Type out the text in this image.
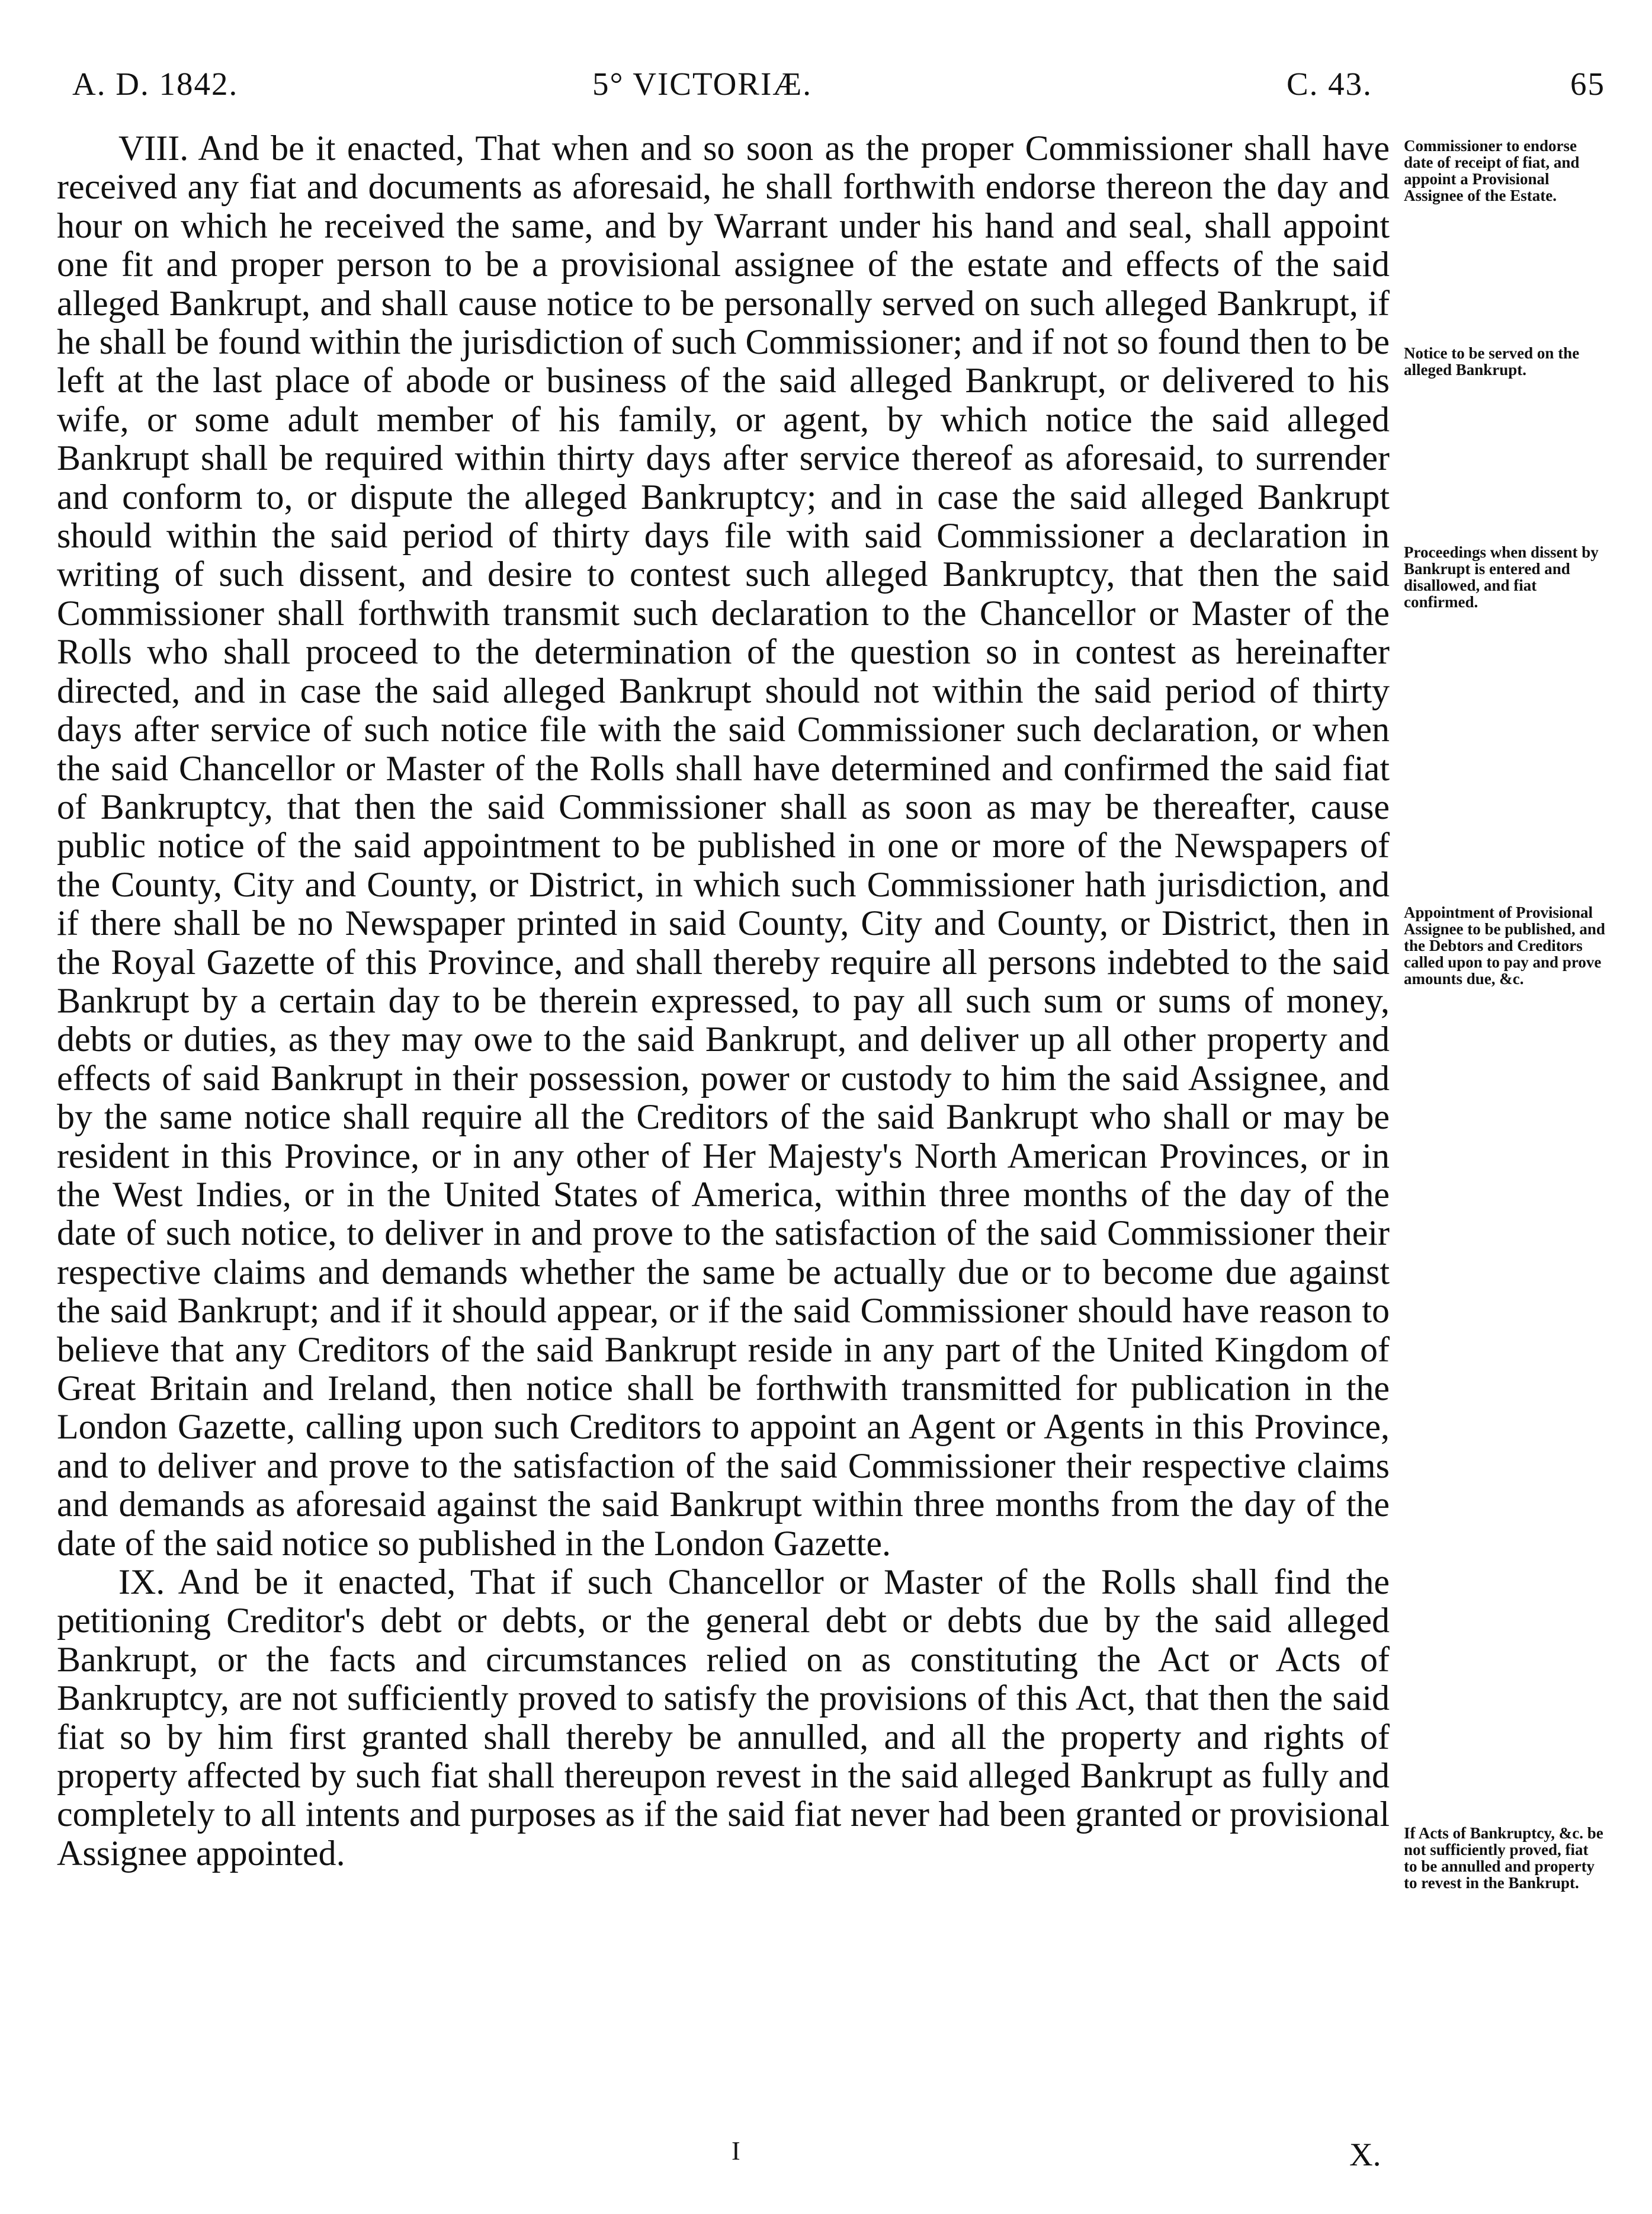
A. D. 1842.	5° VICTORIÆ.	C. 43.	65

VIII. And be it enacted, That when and so soon as the proper Commissioner shall have received any fiat and documents as aforesaid, he shall forthwith endorse thereon the day and hour on which he received the same, and by Warrant under his hand and seal, shall appoint one fit and proper person to be a provisional assignee of the estate and effects of the said alleged Bankrupt, and shall cause notice to be personally served on such alleged Bankrupt, if he shall be found within the jurisdiction of such Commissioner; and if not so found then to be left at the last place of abode or business of the said alleged Bankrupt, or delivered to his wife, or some adult member of his family, or agent, by which notice the said alleged Bankrupt shall be required within thirty days after service thereof as aforesaid, to surrender and conform to, or dispute the alleged Bankruptcy; and in case the said alleged Bankrupt should within the said period of thirty days file with said Commissioner a declaration in writing of such dissent, and desire to contest such alleged Bankruptcy, that then the said Commissioner shall forthwith transmit such declaration to the Chancellor or Master of the Rolls who shall proceed to the determination of the question so in contest as hereinafter directed, and in case the said alleged Bankrupt should not within the said period of thirty days after service of such notice file with the said Commissioner such declaration, or when the said Chancellor or Master of the Rolls shall have determined and confirmed the said fiat of Bankruptcy, that then the said Commissioner shall as soon as may be thereafter, cause public notice of the said appointment to be published in one or more of the Newspapers of the County, City and County, or District, in which such Commissioner hath jurisdiction, and if there shall be no Newspaper printed in said County, City and County, or District, then in the Royal Gazette of this Province, and shall thereby require all persons indebted to the said Bankrupt by a certain day to be therein expressed, to pay all such sum or sums of money, debts or duties, as they may owe to the said Bankrupt, and deliver up all other property and effects of said Bankrupt in their possession, power or custody to him the said Assignee, and by the same notice shall require all the Creditors of the said Bankrupt who shall or may be resident in this Province, or in any other of Her Majesty's North American Provinces, or in the West Indies, or in the United States of America, within three months of the day of the date of such notice, to deliver in and prove to the satisfaction of the said Commissioner their respective claims and demands whether the same be actually due or to become due against the said Bankrupt; and if it should appear, or if the said Commissioner should have reason to believe that any Creditors of the said Bankrupt reside in any part of the United Kingdom of Great Britain and Ireland, then notice shall be forthwith transmitted for publication in the London Gazette, calling upon such Creditors to appoint an Agent or Agents in this Province, and to deliver and prove to the satisfaction of the said Commissioner their respective claims and demands as aforesaid against the said Bankrupt within three months from the day of the date of the said notice so published in the London Gazette.

IX. And be it enacted, That if such Chancellor or Master of the Rolls shall find the petitioning Creditor's debt or debts, or the general debt or debts due by the said alleged Bankrupt, or the facts and circumstances relied on as constituting the Act or Acts of Bankruptcy, are not sufficiently proved to satisfy the provisions of this Act, that then the said fiat so by him first granted shall thereby be annulled, and all the property and rights of property affected by such fiat shall thereupon revest in the said alleged Bankrupt as fully and completely to all intents and purposes as if the said fiat never had been granted or provisional Assignee appointed.

Commissioner to endorse date of receipt of fiat, and appoint a Provisional Assignee of the Estate.
Notice to be served on the alleged Bankrupt.
Proceedings when dissent by Bankrupt is entered and disallowed, and fiat confirmed.
Appointment of Provisional Assignee to be published, and the Debtors and Creditors called upon to pay and prove amounts due, &c.
If Acts of Bankruptcy, &c. be not sufficiently proved, fiat to be annulled and property to revest in the Bankrupt.
I	X.
